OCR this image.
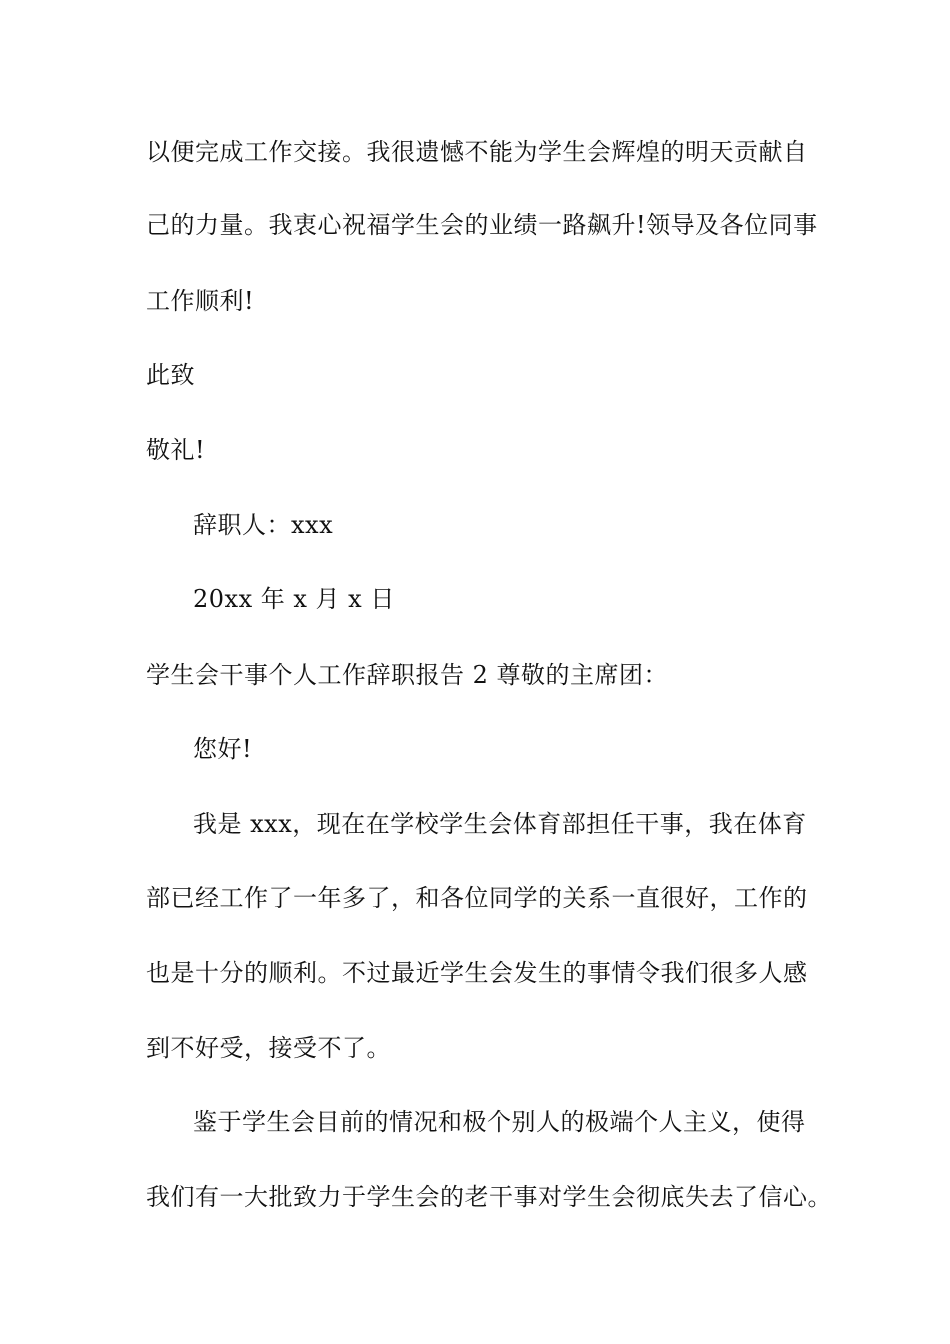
以便完成工作交接。我很遗憾不能为学生会辉煌的明天贡献自
己的力量。我衷心祝福学生会的业绩一路飙升!领导及各位同事
工作顺利!
此致
敬礼!
辞职人：xxx
20xx 年 x 月 x 日
学生会干事个人工作辞职报告 2 尊敬的主席团：
您好!
我是 xxx，现在在学校学生会体育部担任干事，我在体育
部已经工作了一年多了，和各位同学的关系一直很好，工作的
也是十分的顺利。不过最近学生会发生的事情令我们很多人感
到不好受，接受不了。
鉴于学生会目前的情况和极个别人的极端个人主义，使得
我们有一大批致力于学生会的老干事对学生会彻底失去了信心。
